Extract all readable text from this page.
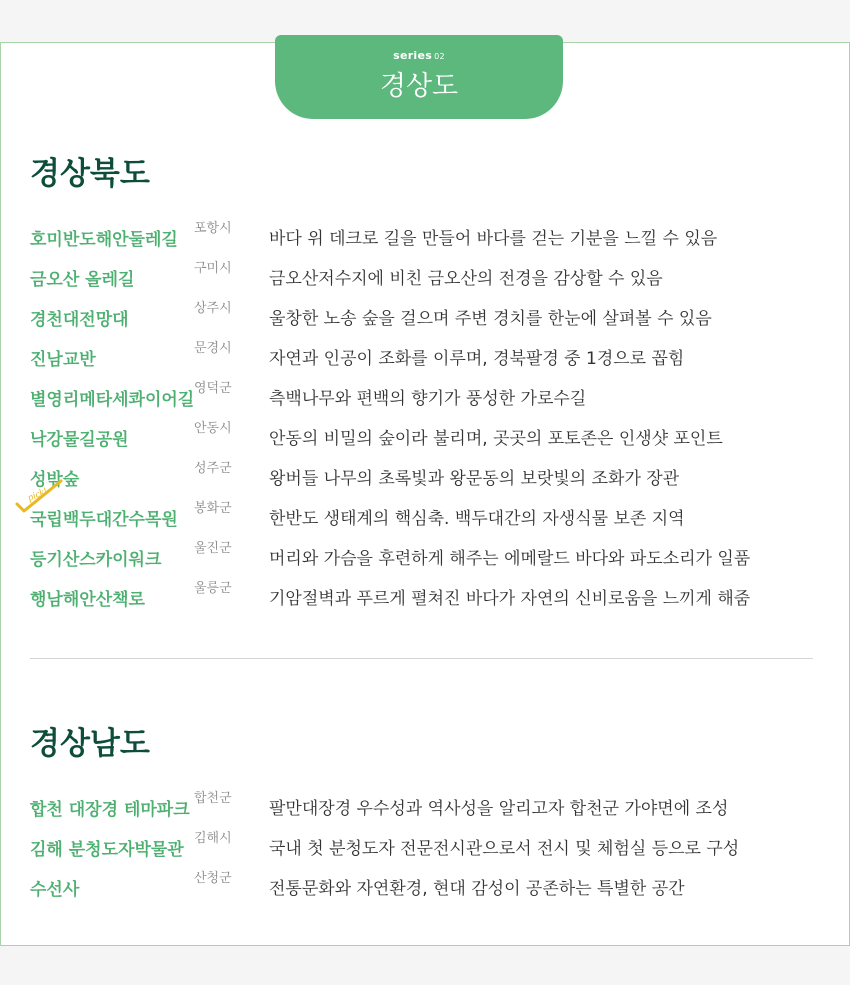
series 02
경상도
경상북도
호미반도해안둘레길
포항시
바다 위 데크로 길을 만들어 바다를 걷는 기분을 느낄 수 있음
금오산 올레길
구미시
금오산저수지에 비친 금오산의 전경을 감상할 수 있음
경천대전망대
상주시
울창한 노송 숲을 걸으며 주변 경치를 한눈에 살펴볼 수 있음
진남교반
문경시
자연과 인공이 조화를 이루며, 경북팔경 중 1경으로 꼽힘
별영리메타세콰이어길
영덕군
측백나무와 편백의 향기가 풍성한 가로수길
낙강물길공원
안동시
안동의 비밀의 숲이라 불리며, 곳곳의 포토존은 인생샷 포인트
성밖숲
성주군
왕버들 나무의 초록빛과 왕문동의 보랏빛의 조화가 장관
국립백두대간수목원
봉화군
한반도 생태계의 핵심축. 백두대간의 자생식물 보존 지역
등기산스카이워크
울진군
머리와 가슴을 후련하게 해주는 에메랄드 바다와 파도소리가 일품
행남해안산책로
울릉군
기암절벽과 푸르게 펼쳐진 바다가 자연의 신비로움을 느끼게 해줌
pick!
경상남도
합천 대장경 테마파크
합천군
팔만대장경 우수성과 역사성을 알리고자 합천군 가야면에 조성
김해 분청도자박물관
김해시
국내 첫 분청도자 전문전시관으로서 전시 및 체험실 등으로 구성
수선사
산청군
전통문화와 자연환경, 현대 감성이 공존하는 특별한 공간
